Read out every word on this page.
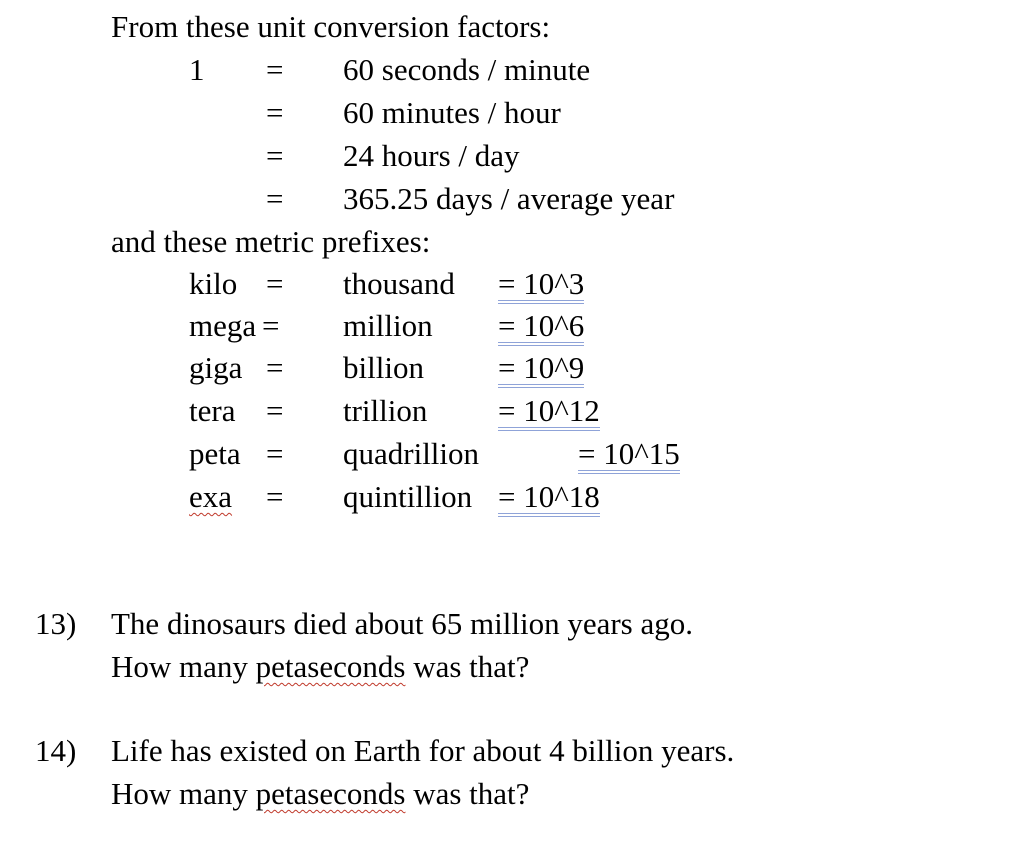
From these unit conversion factors:
1 = 60 seconds / minute
= 60 minutes / hour
= 24 hours / day
= 365.25 days / average year
and these metric prefixes:
kilo = thousand = 10^3
mega = million = 10^6
giga = billion = 10^9
tera = trillion = 10^12
peta = quadrillion	= 10^15
exa = quintillion = 10^18
13) The dinosaurs died about 65 million years ago.
How many petaseconds was that?
14) Life has existed on Earth for about 4 billion years.
How many petaseconds was that?
